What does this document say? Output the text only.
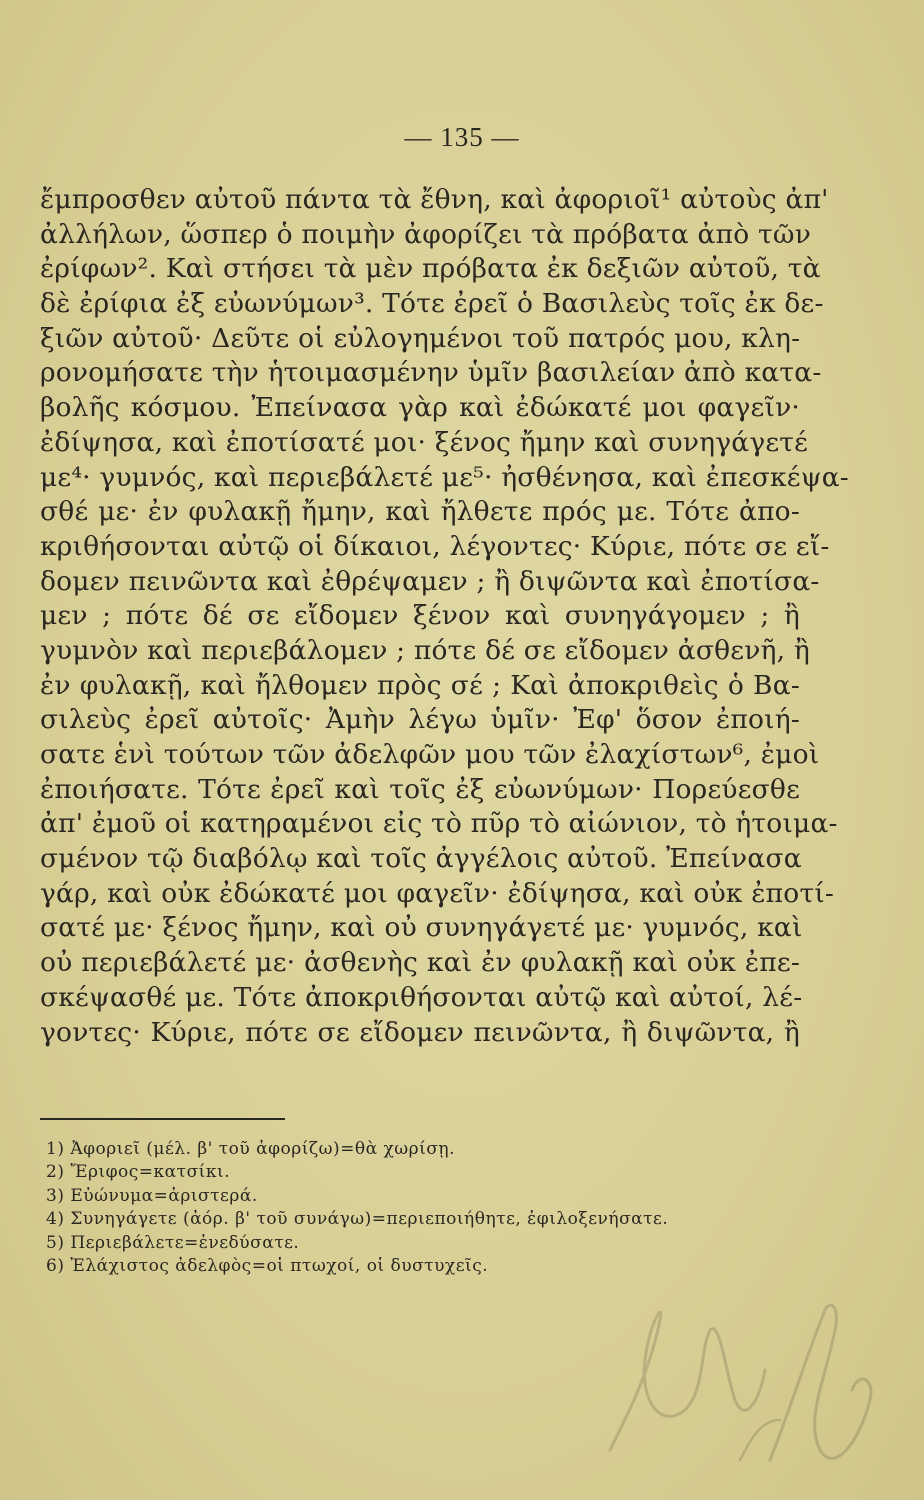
— 135 —
ἔμπροσθεν αὐτοῦ πάντα τὰ ἔθνη, καὶ ἀφοριοῖ¹ αὐτοὺς ἀπ'
ἀλλήλων, ὥσπερ ὁ ποιμὴν ἀφορίζει τὰ πρόβατα ἀπὸ τῶν
ἐρίφων². Καὶ στήσει τὰ μὲν πρόβατα ἐκ δεξιῶν αὐτοῦ, τὰ
δὲ ἐρίφια ἐξ εὐωνύμων³. Τότε ἐρεῖ ὁ Βασιλεὺς τοῖς ἐκ δε-
ξιῶν αὐτοῦ· Δεῦτε οἱ εὐλογημένοι τοῦ πατρός μου, κλη-
ρονομήσατε τὴν ἡτοιμασμένην ὑμῖν βασιλείαν ἀπὸ κατα-
βολῆς κόσμου. Ἐπείνασα γὰρ καὶ ἐδώκατέ μοι φαγεῖν·
ἐδίψησα, καὶ ἐποτίσατέ μοι· ξένος ἤμην καὶ συνηγάγετέ
με⁴· γυμνός, καὶ περιεβάλετέ με⁵· ἠσθένησα, καὶ ἐπεσκέψα-
σθέ με· ἐν φυλακῇ ἤμην, καὶ ἤλθετε πρός με. Τότε ἀπο-
κριθήσονται αὐτῷ οἱ δίκαιοι, λέγοντες· Κύριε, πότε σε εἴ-
δομεν πεινῶντα καὶ ἐθρέψαμεν ; ἢ διψῶντα καὶ ἐποτίσα-
μεν ; πότε δέ σε εἴδομεν ξένον καὶ συνηγάγομεν ; ἢ
γυμνὸν καὶ περιεβάλομεν ; πότε δέ σε εἴδομεν ἀσθενῆ, ἢ
ἐν φυλακῇ, καὶ ἤλθομεν πρὸς σέ ; Καὶ ἀποκριθεὶς ὁ Βα-
σιλεὺς ἐρεῖ αὐτοῖς· Ἀμὴν λέγω ὑμῖν· Ἐφ' ὅσον ἐποιή-
σατε ἑνὶ τούτων τῶν ἀδελφῶν μου τῶν ἐλαχίστων⁶, ἐμοὶ
ἐποιήσατε. Τότε ἐρεῖ καὶ τοῖς ἐξ εὐωνύμων· Πορεύεσθε
ἀπ' ἐμοῦ οἱ κατηραμένοι εἰς τὸ πῦρ τὸ αἰώνιον, τὸ ἡτοιμα-
σμένον τῷ διαβόλῳ καὶ τοῖς ἀγγέλοις αὐτοῦ. Ἐπείνασα
γάρ, καὶ οὐκ ἐδώκατέ μοι φαγεῖν· ἐδίψησα, καὶ οὐκ ἐποτί-
σατέ με· ξένος ἤμην, καὶ οὐ συνηγάγετέ με· γυμνός, καὶ
οὐ περιεβάλετέ με· ἀσθενὴς καὶ ἐν φυλακῇ καὶ οὐκ ἐπε-
σκέψασθέ με. Τότε ἀποκριθήσονται αὐτῷ καὶ αὐτοί, λέ-
γοντες· Κύριε, πότε σε εἴδομεν πεινῶντα, ἢ διψῶντα, ἢ
1) Ἀφοριεῖ (μέλ. β' τοῦ ἀφορίζω)=θὰ χωρίσῃ.
2) Ἔριφος=κατσίκι.
3) Εὐώνυμα=ἀριστερά.
4) Συνηγάγετε (ἀόρ. β' τοῦ συνάγω)=περιεποιήθητε, ἐφιλοξενήσατε.
5) Περιεβάλετε=ἐνεδύσατε.
6) Ἐλάχιστος ἀδελφὸς=οἱ πτωχοί, οἱ δυστυχεῖς.
